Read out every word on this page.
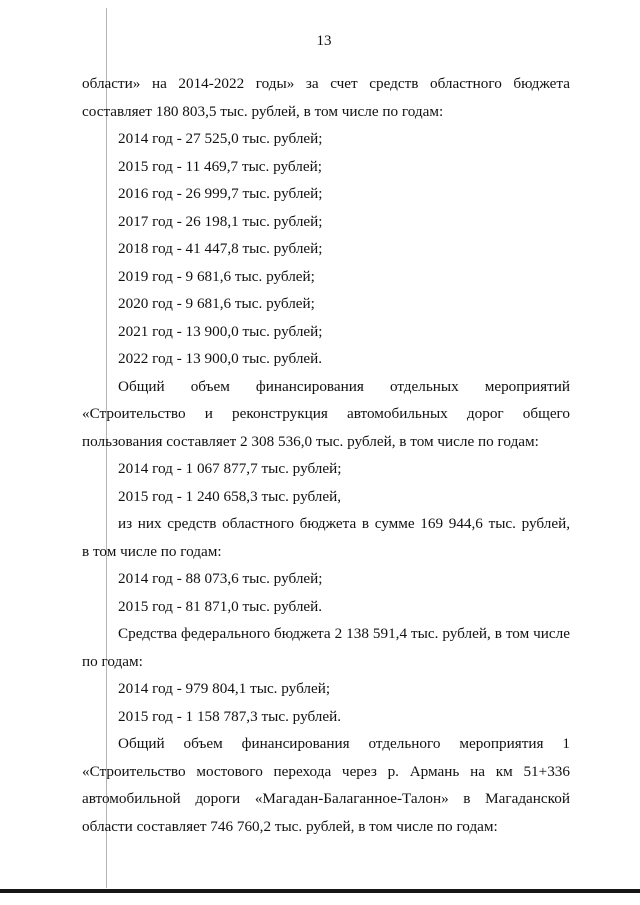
13
области» на 2014-2022 годы» за счет средств областного бюджета
составляет 180 803,5 тыс. рублей, в том числе по годам:
2014 год - 27 525,0 тыс. рублей;
2015 год - 11 469,7 тыс. рублей;
2016 год - 26 999,7 тыс. рублей;
2017 год - 26 198,1 тыс. рублей;
2018 год - 41 447,8 тыс. рублей;
2019 год - 9 681,6 тыс. рублей;
2020 год - 9 681,6 тыс. рублей;
2021 год - 13 900,0 тыс. рублей;
2022 год - 13 900,0 тыс. рублей.
Общий объем финансирования отдельных мероприятий
«Строительство и реконструкция автомобильных дорог общего
пользования составляет 2 308 536,0 тыс. рублей, в том числе по годам:
2014 год - 1 067 877,7 тыс. рублей;
2015 год - 1 240 658,3 тыс. рублей,
из них средств областного бюджета в сумме 169 944,6 тыс. рублей,
в том числе по годам:
2014 год - 88 073,6 тыс. рублей;
2015 год - 81 871,0 тыс. рублей.
Средства федерального бюджета 2 138 591,4 тыс. рублей, в том числе
по годам:
2014 год - 979 804,1 тыс. рублей;
2015 год - 1 158 787,3 тыс. рублей.
Общий объем финансирования отдельного мероприятия 1
«Строительство мостового перехода через р. Армань на км 51+336
автомобильной дороги «Магадан-Балаганное-Талон» в Магаданской
области составляет 746 760,2 тыс. рублей, в том числе по годам:
